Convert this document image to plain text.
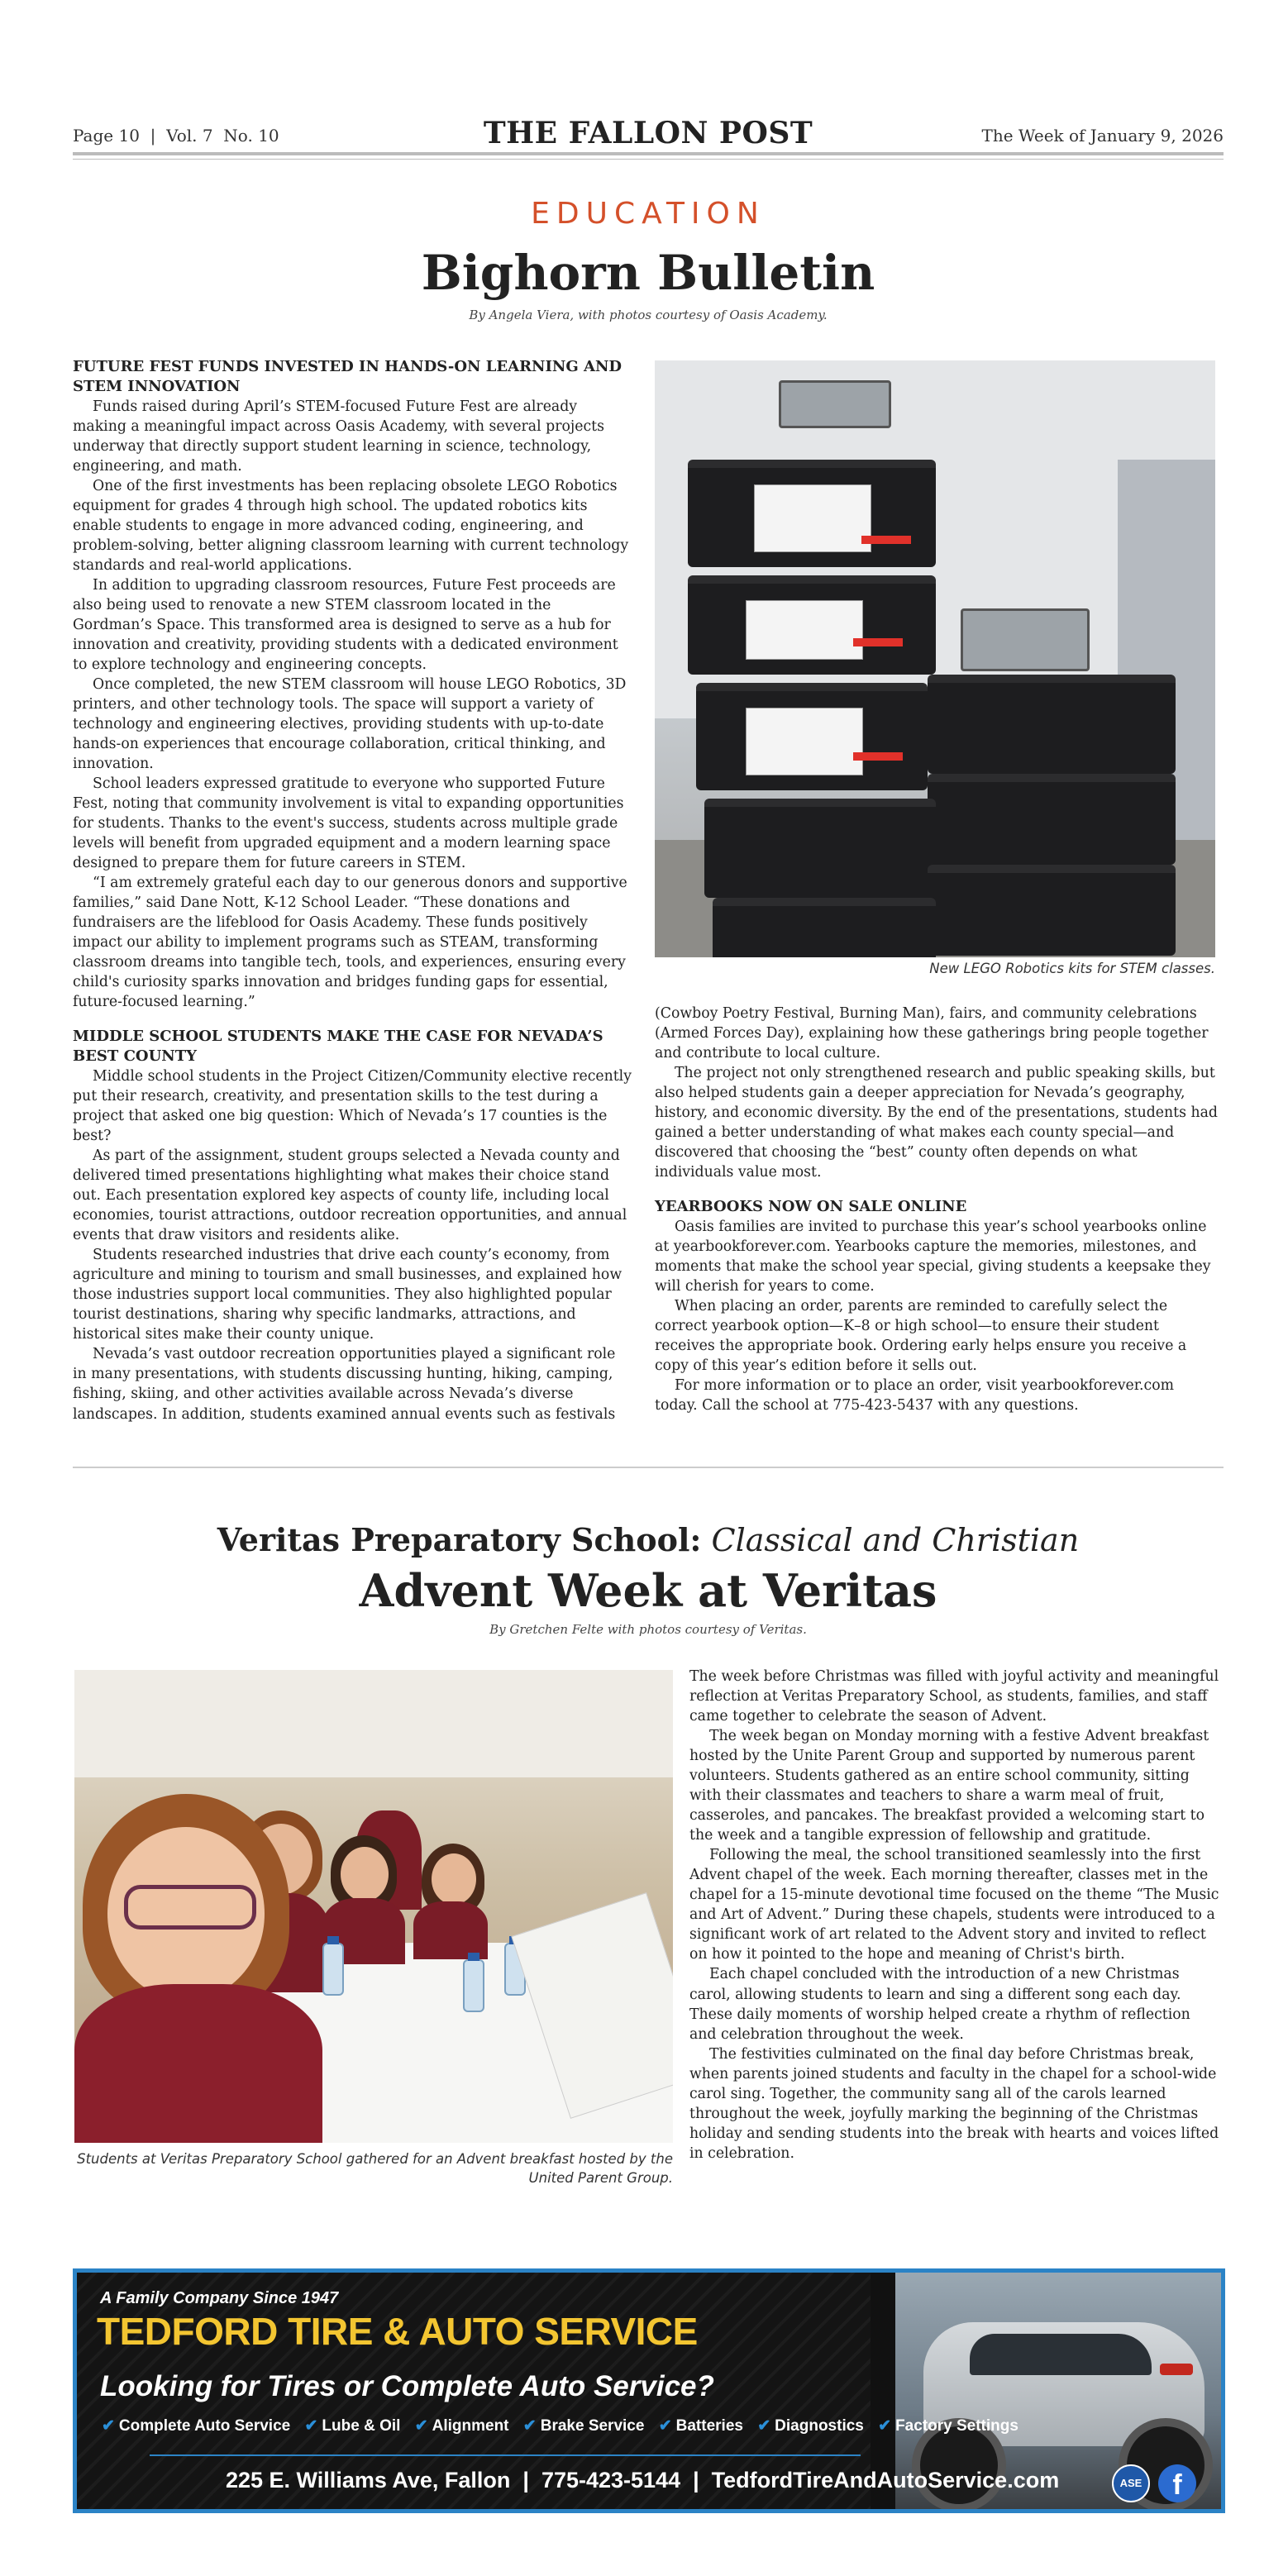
Page 10  |  Vol. 7  No. 10	THE FALLON POST	The Week of January 9, 2026
EDUCATION
Bighorn Bulletin
By Angela Viera, with photos courtesy of Oasis Academy.
FUTURE FEST FUNDS INVESTED IN HANDS-ON LEARNING AND STEM INNOVATION

Funds raised during April’s STEM-focused Future Fest are already making a meaningful impact across Oasis Academy, with several projects underway that directly support student learning in science, technology, engineering, and math.

One of the first investments has been replacing obsolete LEGO Robotics equipment for grades 4 through high school. The updated robotics kits enable students to engage in more advanced coding, engineering, and problem-solving, better aligning classroom learning with current technology standards and real-world applications.

In addition to upgrading classroom resources, Future Fest proceeds are also being used to renovate a new STEM classroom located in the Gordman’s Space. This transformed area is designed to serve as a hub for innovation and creativity, providing students with a dedicated environment to explore technology and engineering concepts.

Once completed, the new STEM classroom will house LEGO Robotics, 3D printers, and other technology tools. The space will support a variety of technology and engineering electives, providing students with up-to-date hands-on experiences that encourage collaboration, critical thinking, and innovation.

School leaders expressed gratitude to everyone who supported Future Fest, noting that community involvement is vital to expanding opportunities for students. Thanks to the event's success, students across multiple grade levels will benefit from upgraded equipment and a modern learning space designed to prepare them for future careers in STEM.

“I am extremely grateful each day to our generous donors and supportive families,” said Dane Nott, K-12 School Leader. “These donations and fundraisers are the lifeblood for Oasis Academy. These funds positively impact our ability to implement programs such as STEAM, transforming classroom dreams into tangible tech, tools, and experiences, ensuring every child's curiosity sparks innovation and bridges funding gaps for essential, future-focused learning.”

MIDDLE SCHOOL STUDENTS MAKE THE CASE FOR NEVADA’S BEST COUNTY

Middle school students in the Project Citizen/Community elective recently put their research, creativity, and presentation skills to the test during a project that asked one big question: Which of Nevada’s 17 counties is the best?

As part of the assignment, student groups selected a Nevada county and delivered timed presentations highlighting what makes their choice stand out. Each presentation explored key aspects of county life, including local economies, tourist attractions, outdoor recreation opportunities, and annual events that draw visitors and residents alike.

Students researched industries that drive each county’s economy, from agriculture and mining to tourism and small businesses, and explained how those industries support local communities. They also highlighted popular tourist destinations, sharing why specific landmarks, attractions, and historical sites make their county unique.

Nevada’s vast outdoor recreation opportunities played a significant role in many presentations, with students discussing hunting, hiking, camping, fishing, skiing, and other activities available across Nevada’s diverse landscapes. In addition, students examined annual events such as festivals

New LEGO Robotics kits for STEM classes.

(Cowboy Poetry Festival, Burning Man), fairs, and community celebrations (Armed Forces Day), explaining how these gatherings bring people together and contribute to local culture.

The project not only strengthened research and public speaking skills, but also helped students gain a deeper appreciation for Nevada’s geography, history, and economic diversity. By the end of the presentations, students had gained a better understanding of what makes each county special—and discovered that choosing the “best” county often depends on what individuals value most.

YEARBOOKS NOW ON SALE ONLINE

Oasis families are invited to purchase this year’s school yearbooks online at yearbookforever.com. Yearbooks capture the memories, milestones, and moments that make the school year special, giving students a keepsake they will cherish for years to come.

When placing an order, parents are reminded to carefully select the correct yearbook option—K–8 or high school—to ensure their student receives the appropriate book. Ordering early helps ensure you receive a copy of this year’s edition before it sells out.

For more information or to place an order, visit yearbookforever.com today. Call the school at 775-423-5437 with any questions.

Veritas Preparatory School: Classical and Christian
Advent Week at Veritas
By Gretchen Felte with photos courtesy of Veritas.
Students at Veritas Preparatory School gathered for an Advent breakfast hosted by the United Parent Group.

The week before Christmas was filled with joyful activity and meaningful reflection at Veritas Preparatory School, as students, families, and staff came together to celebrate the season of Advent.

The week began on Monday morning with a festive Advent breakfast hosted by the Unite Parent Group and supported by numerous parent volunteers. Students gathered as an entire school community, sitting with their classmates and teachers to share a warm meal of fruit, casseroles, and pancakes. The breakfast provided a welcoming start to the week and a tangible expression of fellowship and gratitude.

Following the meal, the school transitioned seamlessly into the first Advent chapel of the week. Each morning thereafter, classes met in the chapel for a 15-minute devotional time focused on the theme “The Music and Art of Advent.” During these chapels, students were introduced to a significant work of art related to the Advent story and invited to reflect on how it pointed to the hope and meaning of Christ's birth.

Each chapel concluded with the introduction of a new Christmas carol, allowing students to learn and sing a different song each day. These daily moments of worship helped create a rhythm of reflection and celebration throughout the week.

The festivities culminated on the final day before Christmas break, when parents joined students and faculty in the chapel for a school-wide carol sing. Together, the community sang all of the carols learned throughout the week, joyfully marking the beginning of the Christmas holiday and sending students into the break with hearts and voices lifted in celebration.

A Family Company Since 1947
TEDFORD TIRE & AUTO SERVICE
Looking for Tires or Complete Auto Service?
✔ Complete Auto Service ✔ Lube & Oil ✔ Alignment ✔ Brake Service ✔ Batteries ✔ Diagnostics ✔ Factory Settings
225 E. Williams Ave, Fallon  |  775-423-5144  |  TedfordTireAndAutoService.com	ASE	f
